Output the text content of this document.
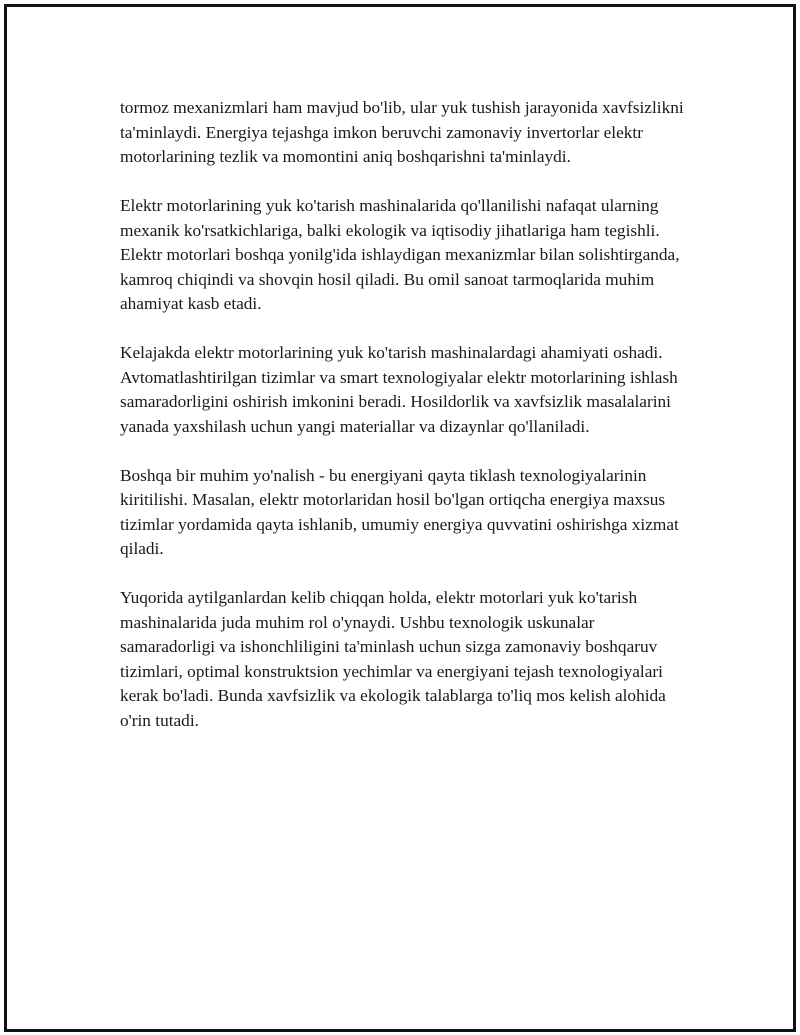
tormoz mexanizmlari ham mavjud bo'lib, ular yuk tushish jarayonida xavfsizlikni ta'minlaydi. Energiya tejashga imkon beruvchi zamonaviy invertorlar elektr motorlarining tezlik va momontini aniq boshqarishni ta'minlaydi.

Elektr motorlarining yuk ko'tarish mashinalarida qo'llanilishi nafaqat ularning mexanik ko'rsatkichlariga, balki ekologik va iqtisodiy jihatlariga ham tegishli. Elektr motorlari boshqa yonilg'ida ishlaydigan mexanizmlar bilan solishtirganda, kamroq chiqindi va shovqin hosil qiladi. Bu omil sanoat tarmoqlarida muhim ahamiyat kasb etadi.

Kelajakda elektr motorlarining yuk ko'tarish mashinalardagi ahamiyati oshadi. Avtomatlashtirilgan tizimlar va smart texnologiyalar elektr motorlarining ishlash samaradorligini oshirish imkonini beradi. Hosildorlik va xavfsizlik masalalarini yanada yaxshilash uchun yangi materiallar va dizaynlar qo'llaniladi.

Boshqa bir muhim yo'nalish - bu energiyani qayta tiklash texnologiyalarinin kiritilishi. Masalan, elektr motorlaridan hosil bo'lgan ortiqcha energiya maxsus tizimlar yordamida qayta ishlanib, umumiy energiya quvvatini oshirishga xizmat qiladi.

Yuqorida aytilganlardan kelib chiqqan holda, elektr motorlari yuk ko'tarish mashinalarida juda muhim rol o'ynaydi. Ushbu texnologik uskunalar samaradorligi va ishonchliligini ta'minlash uchun sizga zamonaviy boshqaruv tizimlari, optimal konstruktsion yechimlar va energiyani tejash texnologiyalari kerak bo'ladi. Bunda xavfsizlik va ekologik talablarga to'liq mos kelish alohida o'rin tutadi.
